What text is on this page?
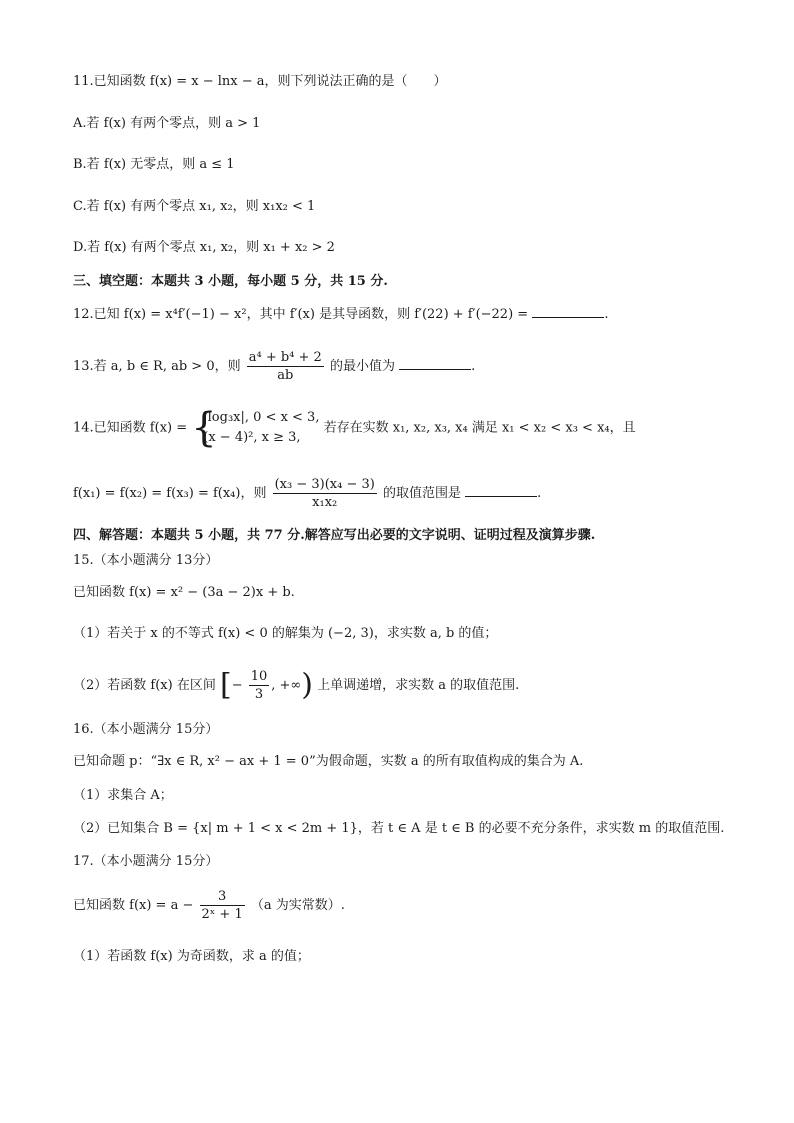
11.已知函数 f(x) = x − lnx − a，则下列说法正确的是（　　）
A.若 f(x) 有两个零点，则 a > 1
B.若 f(x) 无零点，则 a ≤ 1
C.若 f(x) 有两个零点 x₁, x₂，则 x₁x₂ < 1
D.若 f(x) 有两个零点 x₁, x₂，则 x₁ + x₂ > 2
三、填空题：本题共 3 小题，每小题 5 分，共 15 分.
12.已知 f(x) = x⁴f′(−1) − x²，其中 f′(x) 是其导函数，则 f′(22) + f′(−22) =	.
13.若 a, b ∈ R, ab > 0，则 $\frac{\text{a⁴ + b⁴ + 2}}{ab}$ 的最小值为	.
14.已知函数 f(x) = {
|log₃x|, 0 < x < 3,
(x − 4)², x ≥ 3,
若存在实数 x₁, x₂, x₃, x₄ 满足 x₁ < x₂ < x₃ < x₄，且
f(x₁) = f(x₂) = f(x₃) = f(x₄)，则 $\frac{\text{(x₃ − 3)(x₄ − 3)}}{\text{x₁x₂}}$ 的取值范围是	.
四、解答题：本题共 5 小题，共 77 分.解答应写出必要的文字说明、证明过程及演算步骤.
15.（本小题满分 13分）
已知函数 f(x) = x² − (3a − 2)x + b.
（1）若关于 x 的不等式 f(x) < 0 的解集为 (−2, 3)，求实数 a, b 的值；
（2）若函数 f(x) 在区间 [− $\frac{10}{3}$ , +∞) 上单调递增，求实数 a 的取值范围.
16.（本小题满分 15分）
已知命题 p：“∃x ∈ R, x² − ax + 1 = 0”为假命题，实数 a 的所有取值构成的集合为 A.
（1）求集合 A；
（2）已知集合 B = {x| m + 1 < x < 2m + 1}，若 t ∈ A 是 t ∈ B 的必要不充分条件，求实数 m 的取值范围.
17.（本小题满分 15分）
已知函数 $f(x) = a - \frac{3}{\text{2ˣ + 1}} (a$ 为实常数）.
（1）若函数 f(x) 为奇函数，求 a 的值；
